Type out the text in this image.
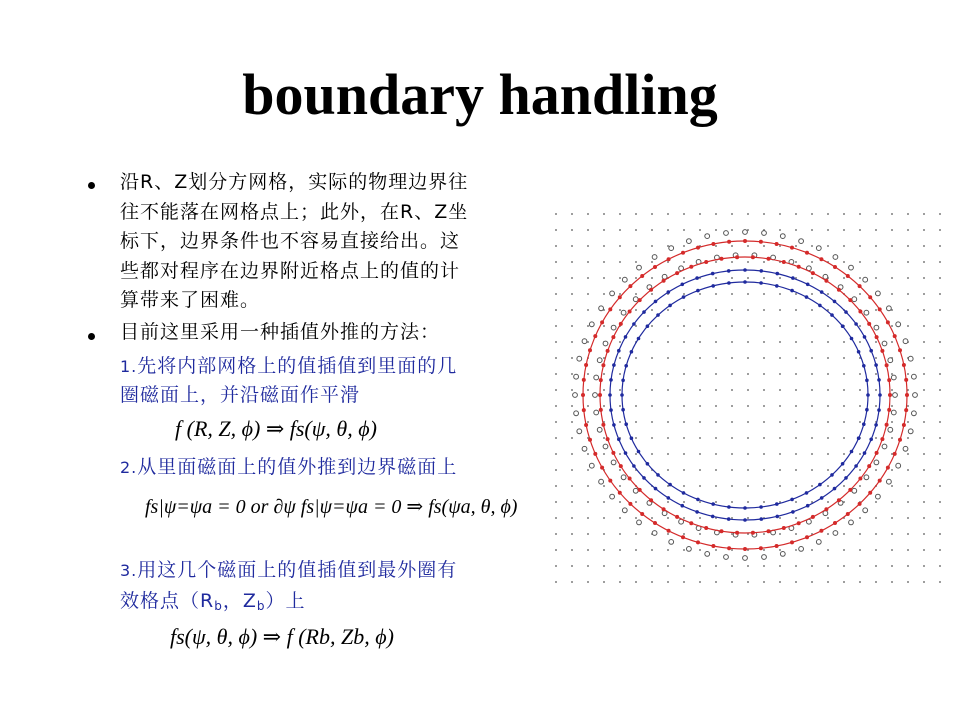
boundary handling
沿R、Z划分方网格，实际的物理边界往
往不能落在网格点上；此外，在R、Z坐
标下，边界条件也不容易直接给出。这
些都对程序在边界附近格点上的值的计
算带来了困难。
目前这里采用一种插值外推的方法：
1.先将内部网格上的值插值到里面的几
圈磁面上，并沿磁面作平滑
f (R, Z, ϕ) ⇒ fs(ψ, θ, ϕ)
2.从里面磁面上的值外推到边界磁面上
fs|ψ=ψa = 0 or ∂ψ fs|ψ=ψa = 0 ⇒ fs(ψa, θ, ϕ)
3.用这几个磁面上的值插值到最外圈有
效格点（$R_b$，$Z_b$）上
fs(ψ, θ, ϕ) ⇒ f (Rb, Zb, ϕ)
